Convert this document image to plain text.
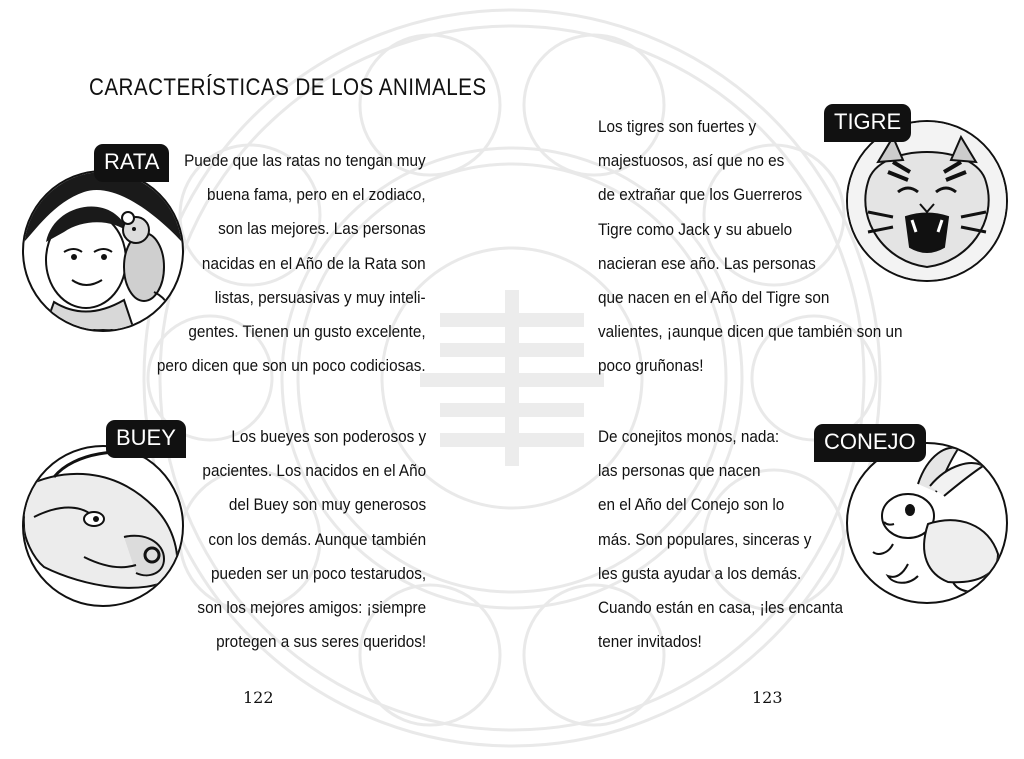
CARACTERÍSTICAS DE LOS ANIMALES
RATA	Puede que las ratas no tengan muy
buena fama, pero en el zodiaco,
son las mejores. Las personas
nacidas en el Año de la Rata son
listas, persuasivas y muy inteli-
gentes. Tienen un gusto excelente,
pero dicen que son un poco codiciosas.

BUEY	Los bueyes son poderosos y
pacientes. Los nacidos en el Año
del Buey son muy generosos
con los demás. Aunque también
pueden ser un poco testarudos,
son los mejores amigos: ¡siempre
protegen a sus seres queridos!

TIGRE

Los tigres son fuertes y
majestuosos, así que no es
de extrañar que los Guerreros
Tigre como Jack y su abuelo
nacieran ese año. Las personas
que nacen en el Año del Tigre son
valientes, ¡aunque dicen que también son un
poco gruñonas!

CONEJO

De conejitos monos, nada:
las personas que nacen
en el Año del Conejo son lo
más. Son populares, sinceras y
les gusta ayudar a los demás.
Cuando están en casa, ¡les encanta
tener invitados!

122	123
